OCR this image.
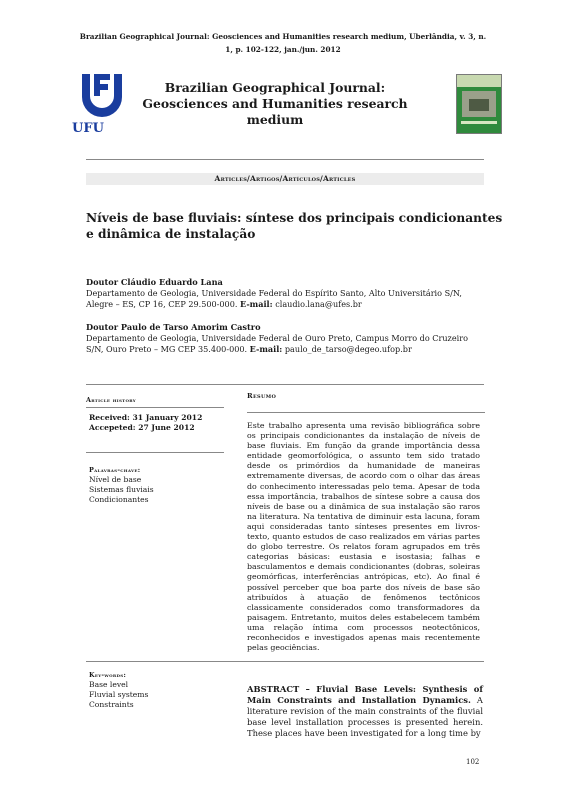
Brazilian Geographical Journal: Geosciences and Humanities research medium, Uberlândia, v. 3, n.
1, p. 102-122, jan./jun. 2012
UFU
Brazilian Geographical Journal:
Geosciences and Humanities research
medium
Articles/Artigos/Artículos/Articles
Níveis de base fluviais: síntese dos principais condicionantes
e dinâmica de instalação
Doutor Cláudio Eduardo Lana
Departamento de Geologia, Universidade Federal do Espírito Santo, Alto Universitário S/N,
Alegre – ES, CP 16, CEP 29.500-000. E-mail: claudio.lana@ufes.br
Doutor Paulo de Tarso Amorim Castro
Departamento de Geologia, Universidade Federal de Ouro Preto, Campus Morro do Cruzeiro
S/N, Ouro Preto – MG CEP 35.400-000. E-mail: paulo_de_tarso@degeo.ufop.br
Article history
Received: 31 January 2012
Accepeted: 27 June 2012
Palavras-chave:
Nível de base
Sistemas fluviais
Condicionantes
Resumo
Este trabalho apresenta uma revisão bibliográfica sobre os principais condicionantes da instalação de níveis de base fluviais. Em função da grande importância dessa entidade geomorfológica, o assunto tem sido tratado desde os primórdios da humanidade de maneiras extremamente diversas, de acordo com o olhar das áreas do conhecimento interessadas pelo tema. Apesar de toda essa importância, trabalhos de síntese sobre a causa dos níveis de base ou a dinâmica de sua instalação são raros na literatura. Na tentativa de diminuir esta lacuna, foram aqui consideradas tanto sínteses presentes em livros-texto, quanto estudos de caso realizados em várias partes do globo terrestre. Os relatos foram agrupados em três categorias básicas: eustasia e isostasia; falhas e basculamentos e demais condicionantes (dobras, soleiras geomórficas, interferências antrópicas, etc). Ao final é possível perceber que boa parte dos níveis de base são atribuídos à atuação de fenômenos tectônicos classicamente considerados como transformadores da paisagem. Entretanto, muitos deles estabelecem também uma relação íntima com processos neotectônicos, reconhecidos e investigados apenas mais recentemente pelas geociências.
Key-words:
Base level
Fluvial systems
Constraints
ABSTRACT – Fluvial Base Levels: Synthesis of Main Constraints and Installation Dynamics. A literature revision of the main constraints of the fluvial base level installation processes is presented herein. These places have been investigated for a long time by
102
